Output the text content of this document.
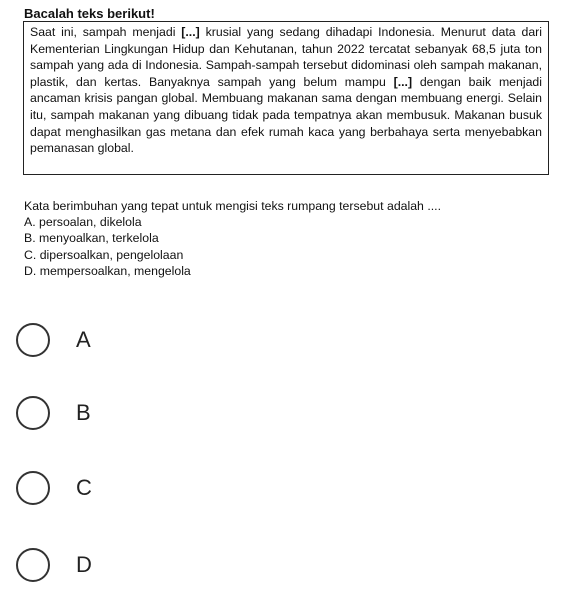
Bacalah teks berikut!
Saat ini, sampah menjadi [...] krusial yang sedang dihadapi Indonesia. Menurut data dari Kementerian Lingkungan Hidup dan Kehutanan, tahun 2022 tercatat sebanyak 68,5 juta ton sampah yang ada di Indonesia. Sampah-sampah tersebut didominasi oleh sampah makanan, plastik, dan kertas. Banyaknya sampah yang belum mampu [...] dengan baik menjadi ancaman krisis pangan global. Membuang makanan sama dengan membuang energi. Selain itu, sampah makanan yang dibuang tidak pada tempatnya akan membusuk. Makanan busuk dapat menghasilkan gas metana dan efek rumah kaca yang berbahaya serta menyebabkan pemanasan global.
Kata berimbuhan yang tepat untuk mengisi teks rumpang tersebut adalah ....
A. persoalan, dikelola
B. menyoalkan, terkelola
C. dipersoalkan, pengelolaan
D. mempersoalkan, mengelola
A
B
C
D
